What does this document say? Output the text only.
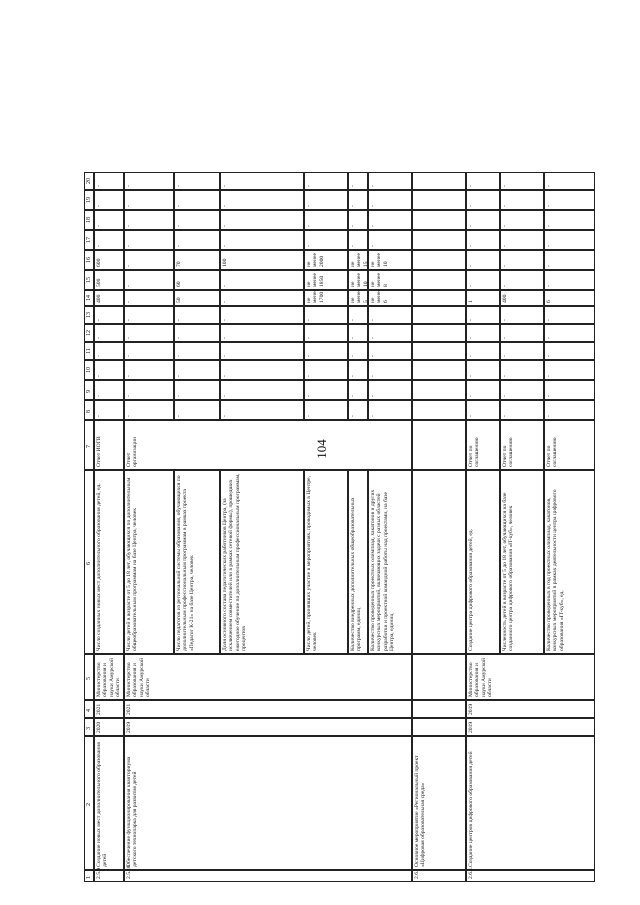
104
1
2
3
4
5
6
7
8
9
10
11
12
13
14
15
16
17
18
19
20
2.5.9
Создание новых мест дополнительного образования детей
2020
2021
Министерство образования и науки Амурской области
Число созданных новых мест дополнительного образования детей, ед.
Отчет ИОГВ
-
-
-
-
-
-
400
500
600
-
-
-
-
2.5.10
Обеспечение функционирования кванториума детского технопарка для развития детей
2019
2021
Министерство образования и науки Амурской области
Отчет организации
Число детей в возрасте от 5 до 18 лет, обучающихся по дополнительным общеобразовательным программам на базе Центра, человек
-
-
-
-
-
-
-
-
-
-
-
-
-
Число педагогов из региональной системы образования, обучающихся по дополнительным профессиональным программам в рамках проекта «Педагог К-21» на базе Центра, человек
-
-
-
-
-
-
50
60
70
-
-
-
-
Доля основного состава педагогических работников Центра, (за исключением совместителей или в рамках сетевой формы), прошедших ежегодное обучение по дополнительным профессиональным программам, процентов
-
-
-
-
-
-
-
-
100
-
-
-
-
Число детей, принявших участие в мероприятиях, проводимых в Центре, человек
-
-
-
-
-
-
не менее 1700
не менее 1850
не менее 2000
-
-
-
-
Количество внедренных дополнительных общеобразовательных программ, единиц
-
-
-
-
-
-
не менее 5
не менее 10
не менее 15
-
-
-
-
Количество проведенных проектных олимпиад, хакатонов и других конкурсных мероприятий, включающих задачи с разных областей разработки и проектной командной работы над проектами, на базе Центра, единиц
-
-
-
-
-
-
не менее 6
не менее 8
не менее 10
-
-
-
-
2.6.
Основное мероприятие «Региональный проект «Цифровая образовательная среда»
2.6.1.
Создание центров цифрового образования детей
2019
2019
Министерство образования и науки Амурской области
Создание центра цифрового образования детей, ед.
Отчет по соглашению
-
-
-
-
-
-
1
-
-
-
-
-
-
Численность детей в возрасте от 5 до 18 лет, обучающихся на базе созданного центра цифрового образования «IT-куб», человек
Отчет по соглашению
-
-
-
-
-
-
400
-
-
-
-
-
-
Количество проведенных в год проектных олимпиад, хакатонов, конкурсных мероприятий в рамках деятельности центра цифрового образования «IT-куб», ед.
Отчет по соглашению
-
-
-
-
-
-
6
-
-
-
-
-
-
